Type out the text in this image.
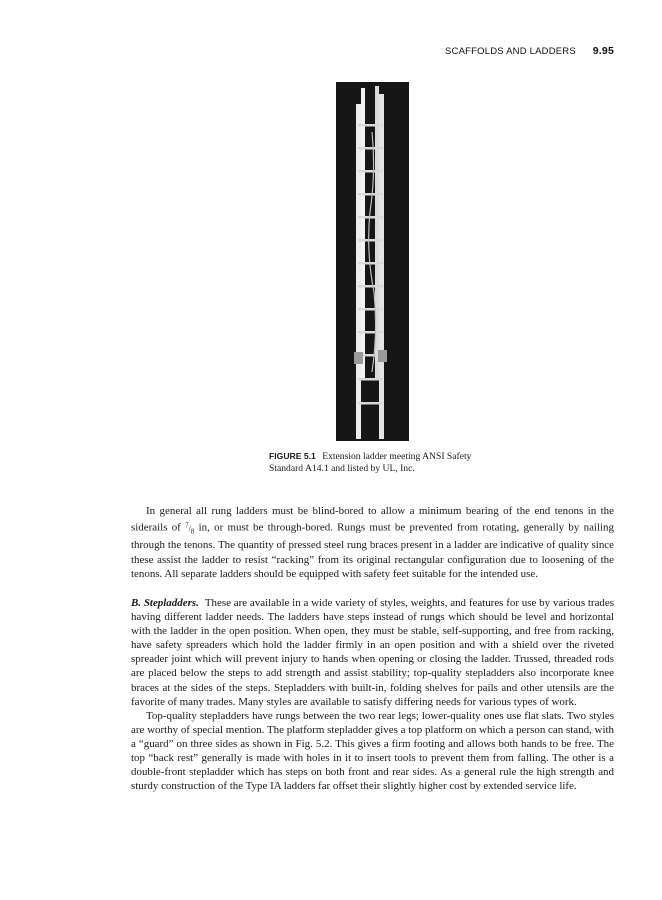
SCAFFOLDS AND LADDERS 9.95
FIGURE 5.1 Extension ladder meeting ANSI Safety Standard A14.1 and listed by UL, Inc.

In general all rung ladders must be blind-bored to allow a minimum bearing of the end tenons in the siderails of $^7/_8$ in, or must be through-bored. Rungs must be prevented from rotating, generally by nailing through the tenons. The quantity of pressed steel rung braces present in a ladder are indicative of quality since these assist the ladder to resist “racking” from its original rectangular configuration due to loosening of the tenons. All separate ladders should be equipped with safety feet suitable for the intended use.

B. Stepladders. These are available in a wide variety of styles, weights, and features for use by various trades having different ladder needs. The ladders have steps instead of rungs which should be level and horizontal with the ladder in the open position. When open, they must be stable, self-supporting, and free from racking, have safety spreaders which hold the ladder firmly in an open position and with a shield over the riveted spreader joint which will prevent injury to hands when opening or closing the ladder. Trussed, threaded rods are placed below the steps to add strength and assist stability; top-quality stepladders also incorporate knee braces at the sides of the steps. Stepladders with built-in, folding shelves for pails and other utensils are the favorite of many trades. Many styles are available to satisfy differing needs for various types of work.

Top-quality stepladders have rungs between the two rear legs; lower-quality ones use flat slats. Two styles are worthy of special mention. The platform stepladder gives a top platform on which a person can stand, with a “guard” on three sides as shown in Fig. 5.2. This gives a firm footing and allows both hands to be free. The top “back rest” generally is made with holes in it to insert tools to prevent them from falling. The other is a double-front stepladder which has steps on both front and rear sides. As a general rule the high strength and sturdy construction of the Type IA ladders far offset their slightly higher cost by extended service life.
